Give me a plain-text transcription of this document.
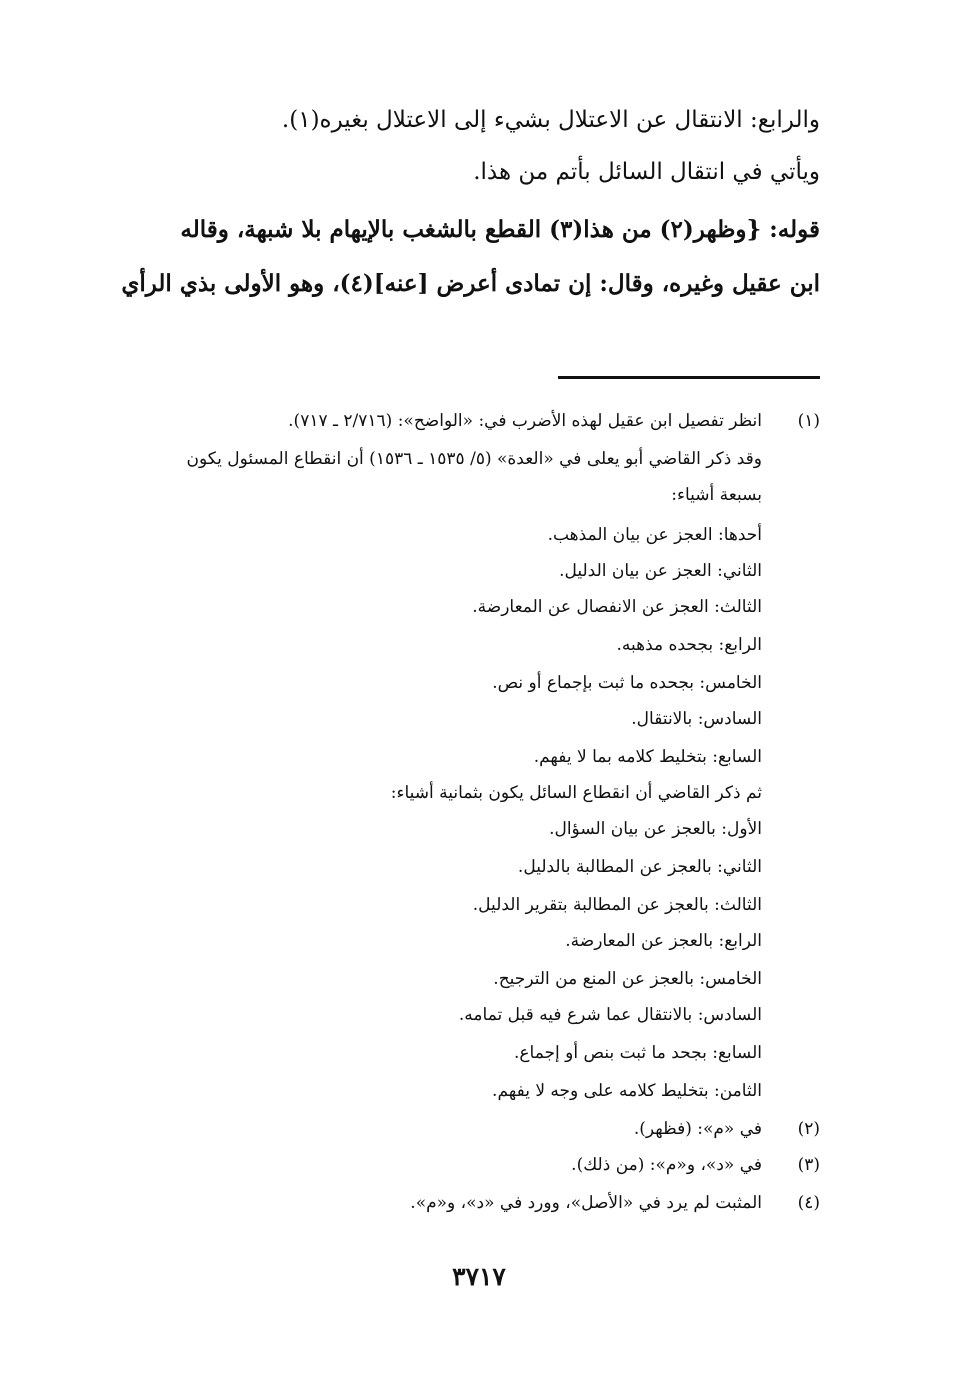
والرابع: الانتقال عن الاعتلال بشيء إلى الاعتلال بغيره(١).
ويأتي في انتقال السائل بأتم من هذا.
قوله: {وظهر(٢) من هذا(٣) القطع بالشغب بالإيهام بلا شبهة، وقاله
ابن عقيل وغيره، وقال: إن تمادى أعرض [عنه](٤)، وهو الأولى بذي الرأي
(١)
انظر تفصيل ابن عقيل لهذه الأضرب في: «الواضح»: (٢/٧١٦ ـ ٧١٧).
وقد ذكر القاضي أبو يعلى في «العدة» (٥/ ١٥٣٥ ـ ١٥٣٦) أن انقطاع المسئول يكون
بسبعة أشياء:
أحدها: العجز عن بيان المذهب.
الثاني: العجز عن بيان الدليل.
الثالث: العجز عن الانفصال عن المعارضة.
الرابع: بجحده مذهبه.
الخامس: بجحده ما ثبت بإجماع أو نص.
السادس: بالانتقال.
السابع: بتخليط كلامه بما لا يفهم.
ثم ذكر القاضي أن انقطاع السائل يكون بثمانية أشياء:
الأول: بالعجز عن بيان السؤال.
الثاني: بالعجز عن المطالبة بالدليل.
الثالث: بالعجز عن المطالبة بتقرير الدليل.
الرابع: بالعجز عن المعارضة.
الخامس: بالعجز عن المنع من الترجيح.
السادس: بالانتقال عما شرع فيه قبل تمامه.
السابع: بجحد ما ثبت بنص أو إجماع.
الثامن: بتخليط كلامه على وجه لا يفهم.
(٢)
في «م»: (فظهر).
(٣)
في «د»، و«م»: (من ذلك).
(٤)
المثبت لم يرد في «الأصل»، وورد في «د»، و«م».
٣٧١٧
